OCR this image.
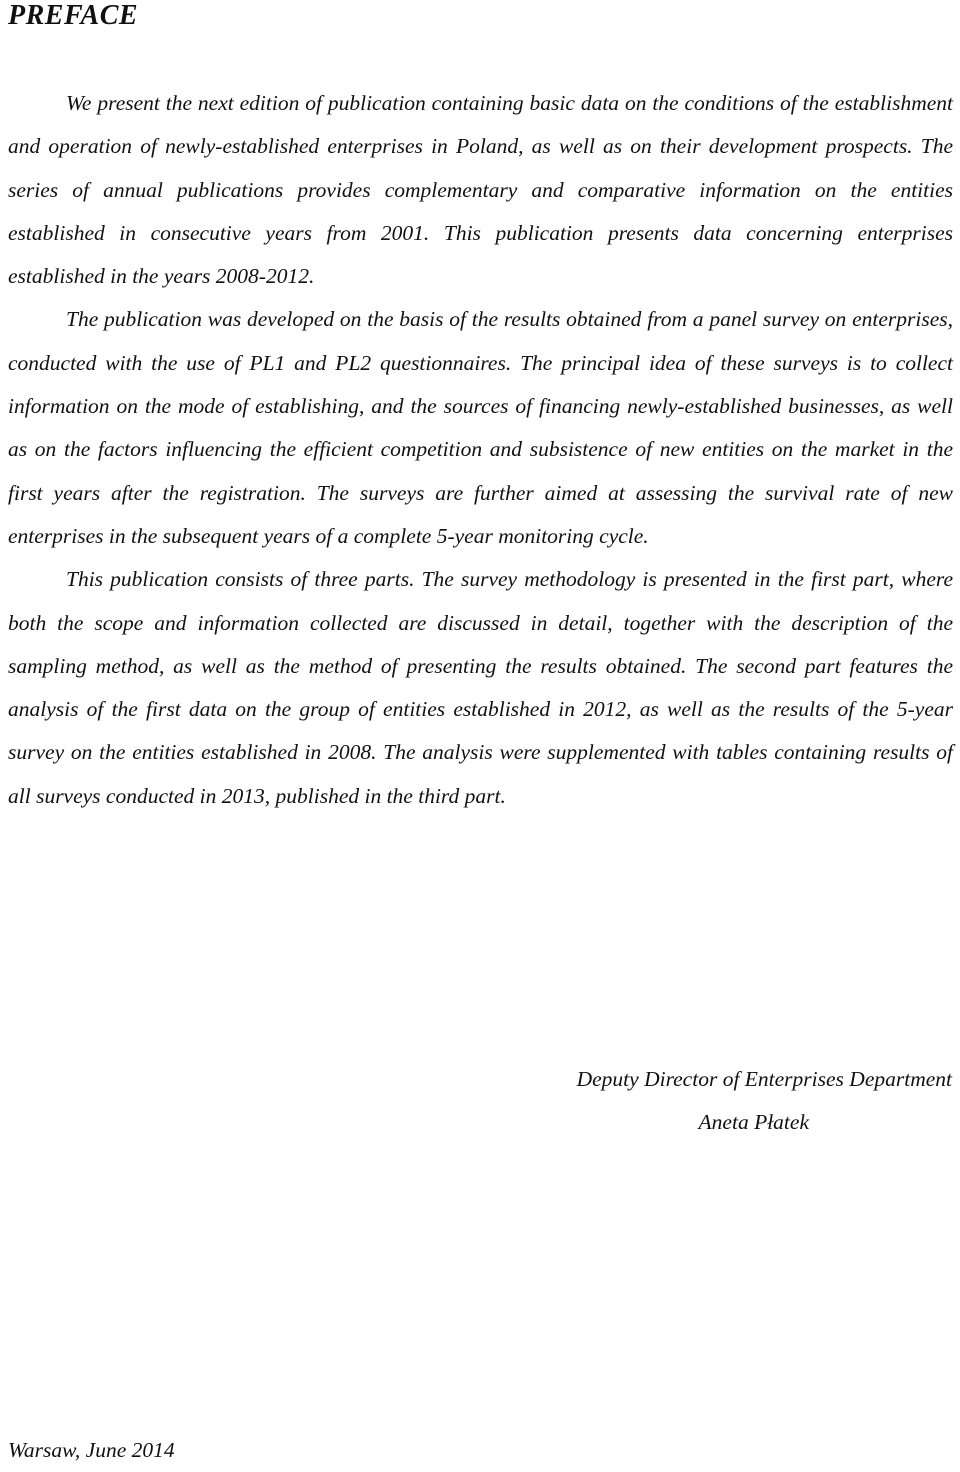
PREFACE

We present the next edition of publication containing basic data on the conditions of the establishment and operation of newly-established enterprises in Poland, as well as on their development prospects. The series of annual publications provides complementary and comparative information on the entities established in consecutive years from 2001. This publication presents data concerning enterprises established in the years 2008-2012.

The publication was developed on the basis of the results obtained from a panel survey on enterprises, conducted with the use of PL1 and PL2 questionnaires. The principal idea of these surveys is to collect information on the mode of establishing, and the sources of financing newly-established businesses, as well as on the factors influencing the efficient competition and subsistence of new entities on the market in the first years after the registration. The surveys are further aimed at assessing the survival rate of new enterprises in the subsequent years of a complete 5-year monitoring cycle.

This publication consists of three parts. The survey methodology is presented in the first part, where both the scope and information collected are discussed in detail, together with the description of the sampling method, as well as the method of presenting the results obtained. The second part features the analysis of the first data on the group of entities established in 2012, as well as the results of the 5-year survey on the entities established in 2008. The analysis were supplemented with tables containing results of all surveys conducted in 2013, published in the third part.

Deputy Director of Enterprises Department
Aneta Płatek
Warsaw, June 2014
